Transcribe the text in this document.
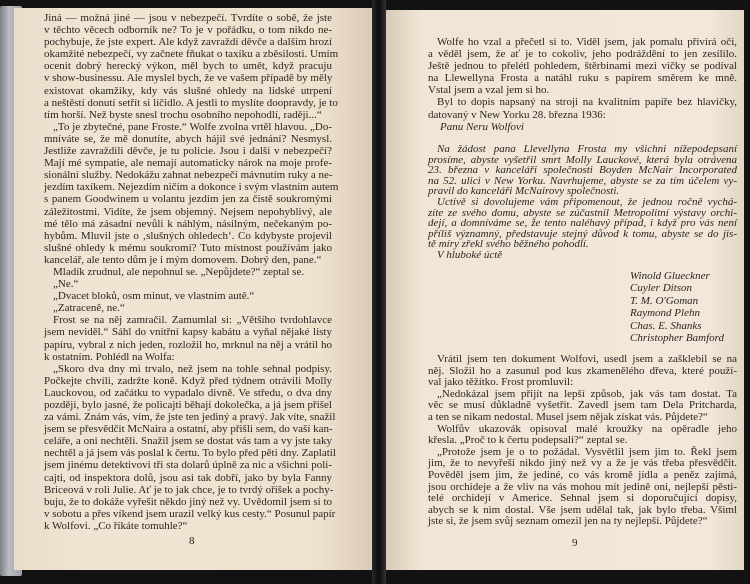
Jiná — možná jiné — jsou v nebezpečí. Tvrdíte o sobě, že jste
v těchto věcech odborník ne? To je v pořádku, o tom nikdo ne-
pochybuje, že jste expert. Ale když zavraždí děvče a dalším hrozí
okamžité nebezpečí, vy začnete fňukat o taxíku a zběsilosti. Umím
ocenit dobrý herecký výkon, měl bych to umět, když pracuju
v show-businessu. Ale myslel bych, že ve vašem případě by měly
existovat okamžiky, kdy vás slušné ohledy na lidské utrpení
a neštěstí donutí setřít si líčidlo. A jestli to myslíte doopravdy, je to
tím horší. Než byste snesl trochu osobního nepohodlí, raději...“
„To je zbytečné, pane Froste.“ Wolfe zvolna vrtěl hlavou. „Do-
mníváte se, že mě donutíte, abych hájil své jednání? Nesmysl.
Jestliže zavraždili děvče, je tu policie. Jsou i další v nebezpečí?
Mají mé sympatie, ale nemají automaticky nárok na moje profe-
sionální služby. Nedokážu zahnat nebezpečí mávnutím ruky a ne-
jezdím taxíkem. Nejezdím ničím a dokonce i svým vlastním autem
s panem Goodwinem u volantu jezdím jen za čistě soukromými
záležitostmi. Vidíte, že jsem objemný. Nejsem nepohyblivý, ale
mé tělo má zásadní nevůli k náhlým, násilným, nečekaným po-
hybům. Mluvil jste o ‚slušných ohledech‘. Co kdybyste projevil
slušné ohledy k mému soukromí? Tuto místnost používám jako
kancelář, ale tento dům je i mým domovem. Dobrý den, pane.“
Mladík zrudnul, ale nepohnul se. „Nepůjdete?“ zeptal se.
„Ne.“
„Dvacet bloků, osm minut, ve vlastním autě.“
„Zatraceně, ne.“
Frost se na něj zamračil. Zamumlal si: „Většího tvrdohlavce
jsem neviděl.“ Sáhl do vnitřní kapsy kabátu a vyňal nějaké listy
papíru, vybral z nich jeden, rozložil ho, mrknul na něj a vrátil ho
k ostatním. Pohlédl na Wolfa:
„Skoro dva dny mi trvalo, než jsem na tohle sehnal podpisy.
Počkejte chvíli, zadržte koně. Když před týdnem otrávili Molly
Lauckovou, od začátku to vypadalo divně. Ve středu, o dva dny
později, bylo jasné, že policajti běhají dokolečka, a já jsem přišel
za vámi. Znám vás, vím, že jste ten jediný a pravý. Jak víte, snažil
jsem se přesvědčit McNaira a ostatní, aby přišli sem, do vaší kan-
celáře, a oni nechtěli. Snažil jsem se dostat vás tam a vy jste taky
nechtěl a já jsem vás poslal k čertu. To bylo před pěti dny. Zaplatil
jsem jinému detektivovi tři sta dolarů úplně za nic a všichni poli-
cajti, od inspektora dolů, jsou asi tak dobří, jako by byla Fanny
Briceová v roli Julie. Ať je to jak chce, je to tvrdý oříšek a pochy-
buju, že to dokáže vyřešit někdo jiný než vy. Uvědomil jsem si to
v sobotu a přes víkend jsem urazil velký kus cesty.“ Posunul papír
k Wolfovi. „Co říkáte tomuhle?“
8
Wolfe ho vzal a přečetl si to. Viděl jsem, jak pomalu přivírá oči,
a věděl jsem, že ať je to cokoliv, jeho podráždění to jen zesílilo.
Ještě jednou to přelétl pohledem, štěrbinami mezi víčky se podíval
na Llewellyna Frosta a natáhl ruku s papírem směrem ke mně.
Vstal jsem a vzal jem si ho.
Byl to dopis napsaný na stroji na kvalitním papíře bez hlavičky,
datovaný v New Yorku 28. března 1936:
Panu Neru Wolfovi
Na žádost pana Llevellyna Frosta my všichni nížepodepsaní
prosíme, abyste vyšetřil smrt Molly Lauckové, která byla otrávena
23. března v kanceláři společnosti Boyden McNair Incorporated
na 52. ulici v New Yorku. Navrhujeme, abyste se za tím účelem vy-
pravil do kanceláři McNairovy společnosti.
Uctivě si dovolujeme vám připomenout, že jednou ročně vychá-
zíte ze svého domu, abyste se zúčastnil Metropolitní výstavy orchi-
dejí, a domníváme se, že tento naléhavý případ, i když pro vás není
příliš významný, představuje stejný důvod k tomu, abyste se do jis-
tě míry zřekl svého běžného pohodlí.
V hluboké úctě
Winold Glueckner
Cuyler Ditson
T. M. O'Goman
Raymond Plehn
Chas. E. Shanks
Christopher Bamford
Vrátil jsem ten dokument Wolfovi, usedl jsem a zašklebil se na
něj. Složil ho a zasunul pod kus zkamenělého dřeva, které použí-
val jako těžítko. Frost promluvil:
„Nedokázal jsem přijít na lepší způsob, jak vás tam dostat. Ta
věc se musí důkladně vyšetřit. Zavedl jsem tam Dela Pritcharda,
a ten se nikam nedostal. Musel jsem nějak získat vás. Půjdete?“
Wolfův ukazovák opisoval malé kroužky na opěradle jeho
křesla. „Proč to k čertu podepsali?“ zeptal se.
„Protože jsem je o to požádal. Vysvětlil jsem jim to. Řekl jsem
jim, že to nevyřeší nikdo jiný než vy a že je vás třeba přesvědčit.
Pověděl jsem jim, že jediné, co vás kromě jídla a peněz zajímá,
jsou orchideje a že vliv na vás mohou mít jedině oni, nejlepší pěsti-
telé orchidejí v Americe. Sehnal jsem si doporučující dopisy,
abych se k nim dostal. Vše jsem udělal tak, jak bylo třeba. Všiml
jste si, že jsem svůj seznam omezil jen na ty nejlepší. Půjdete?“
9
